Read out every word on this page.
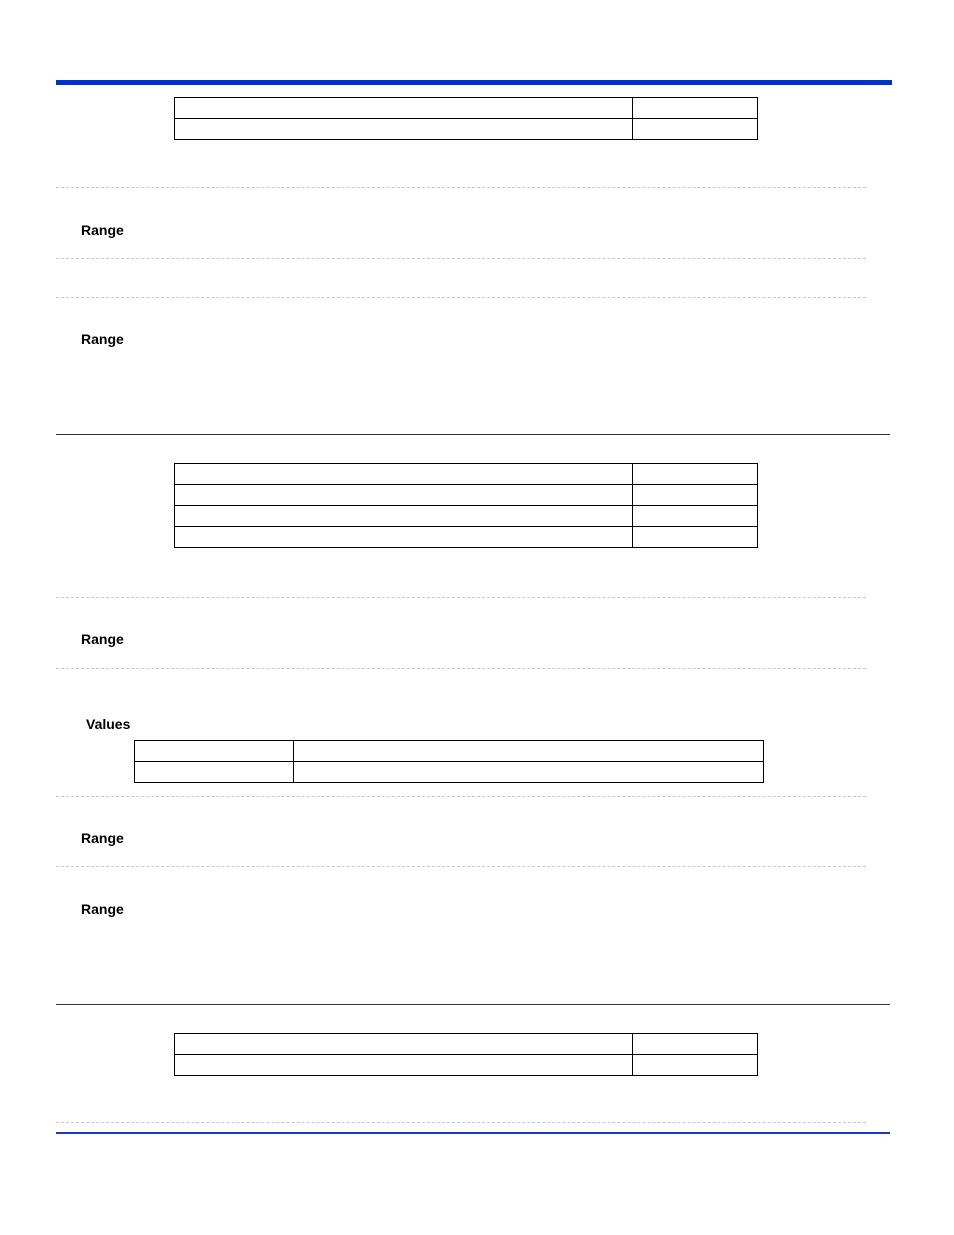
Range
Range

Range
Values

Range
Range
